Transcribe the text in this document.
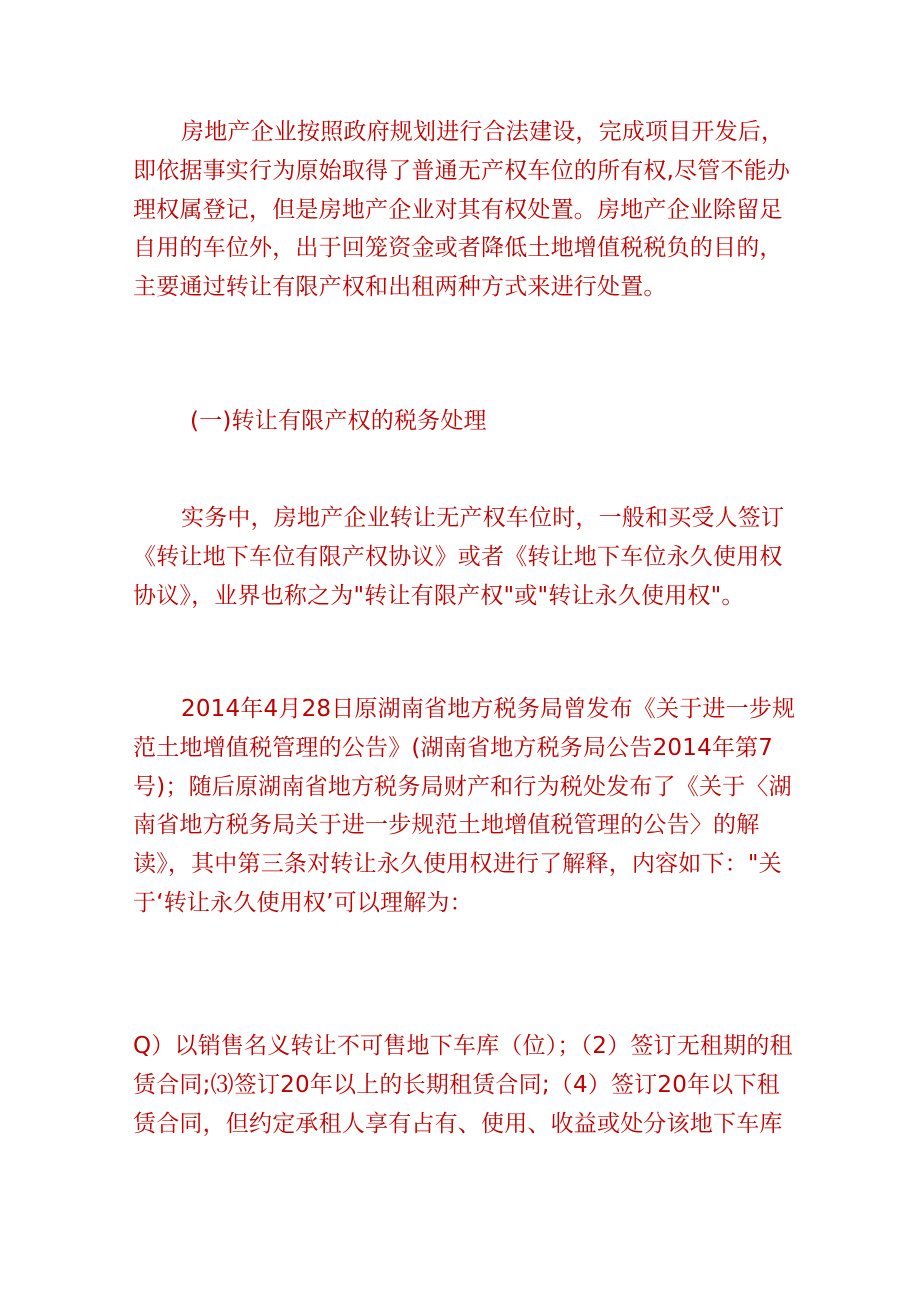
房地产企业按照政府规划进行合法建设，完成项目开发后，即依据事实行为原始取得了普通无产权车位的所有权,尽管不能办理权属登记，但是房地产企业对其有权处置。房地产企业除留足自用的车位外，出于回笼资金或者降低土地增值税税负的目的，主要通过转让有限产权和出租两种方式来进行处置。

(一)转让有限产权的税务处理

实务中，房地产企业转让无产权车位时，一般和买受人签订《转让地下车位有限产权协议》或者《转让地下车位永久使用权协议》，业界也称之为"转让有限产权"或"转让永久使用权"。

2014年4月28日原湖南省地方税务局曾发布《关于进一步规范土地增值税管理的公告》(湖南省地方税务局公告2014年第7号)；随后原湖南省地方税务局财产和行为税处发布了《关于〈湖南省地方税务局关于进一步规范土地增值税管理的公告〉的解读》，其中第三条对转让永久使用权进行了解释，内容如下："关于‘转让永久使用权’可以理解为：

Q）以销售名义转让不可售地下车库（位）；（2）签订无租期的租赁合同;⑶签订20年以上的长期租赁合同;（4）签订20年以下租赁合同，但约定承租人享有占有、使用、收益或处分该地下车库
